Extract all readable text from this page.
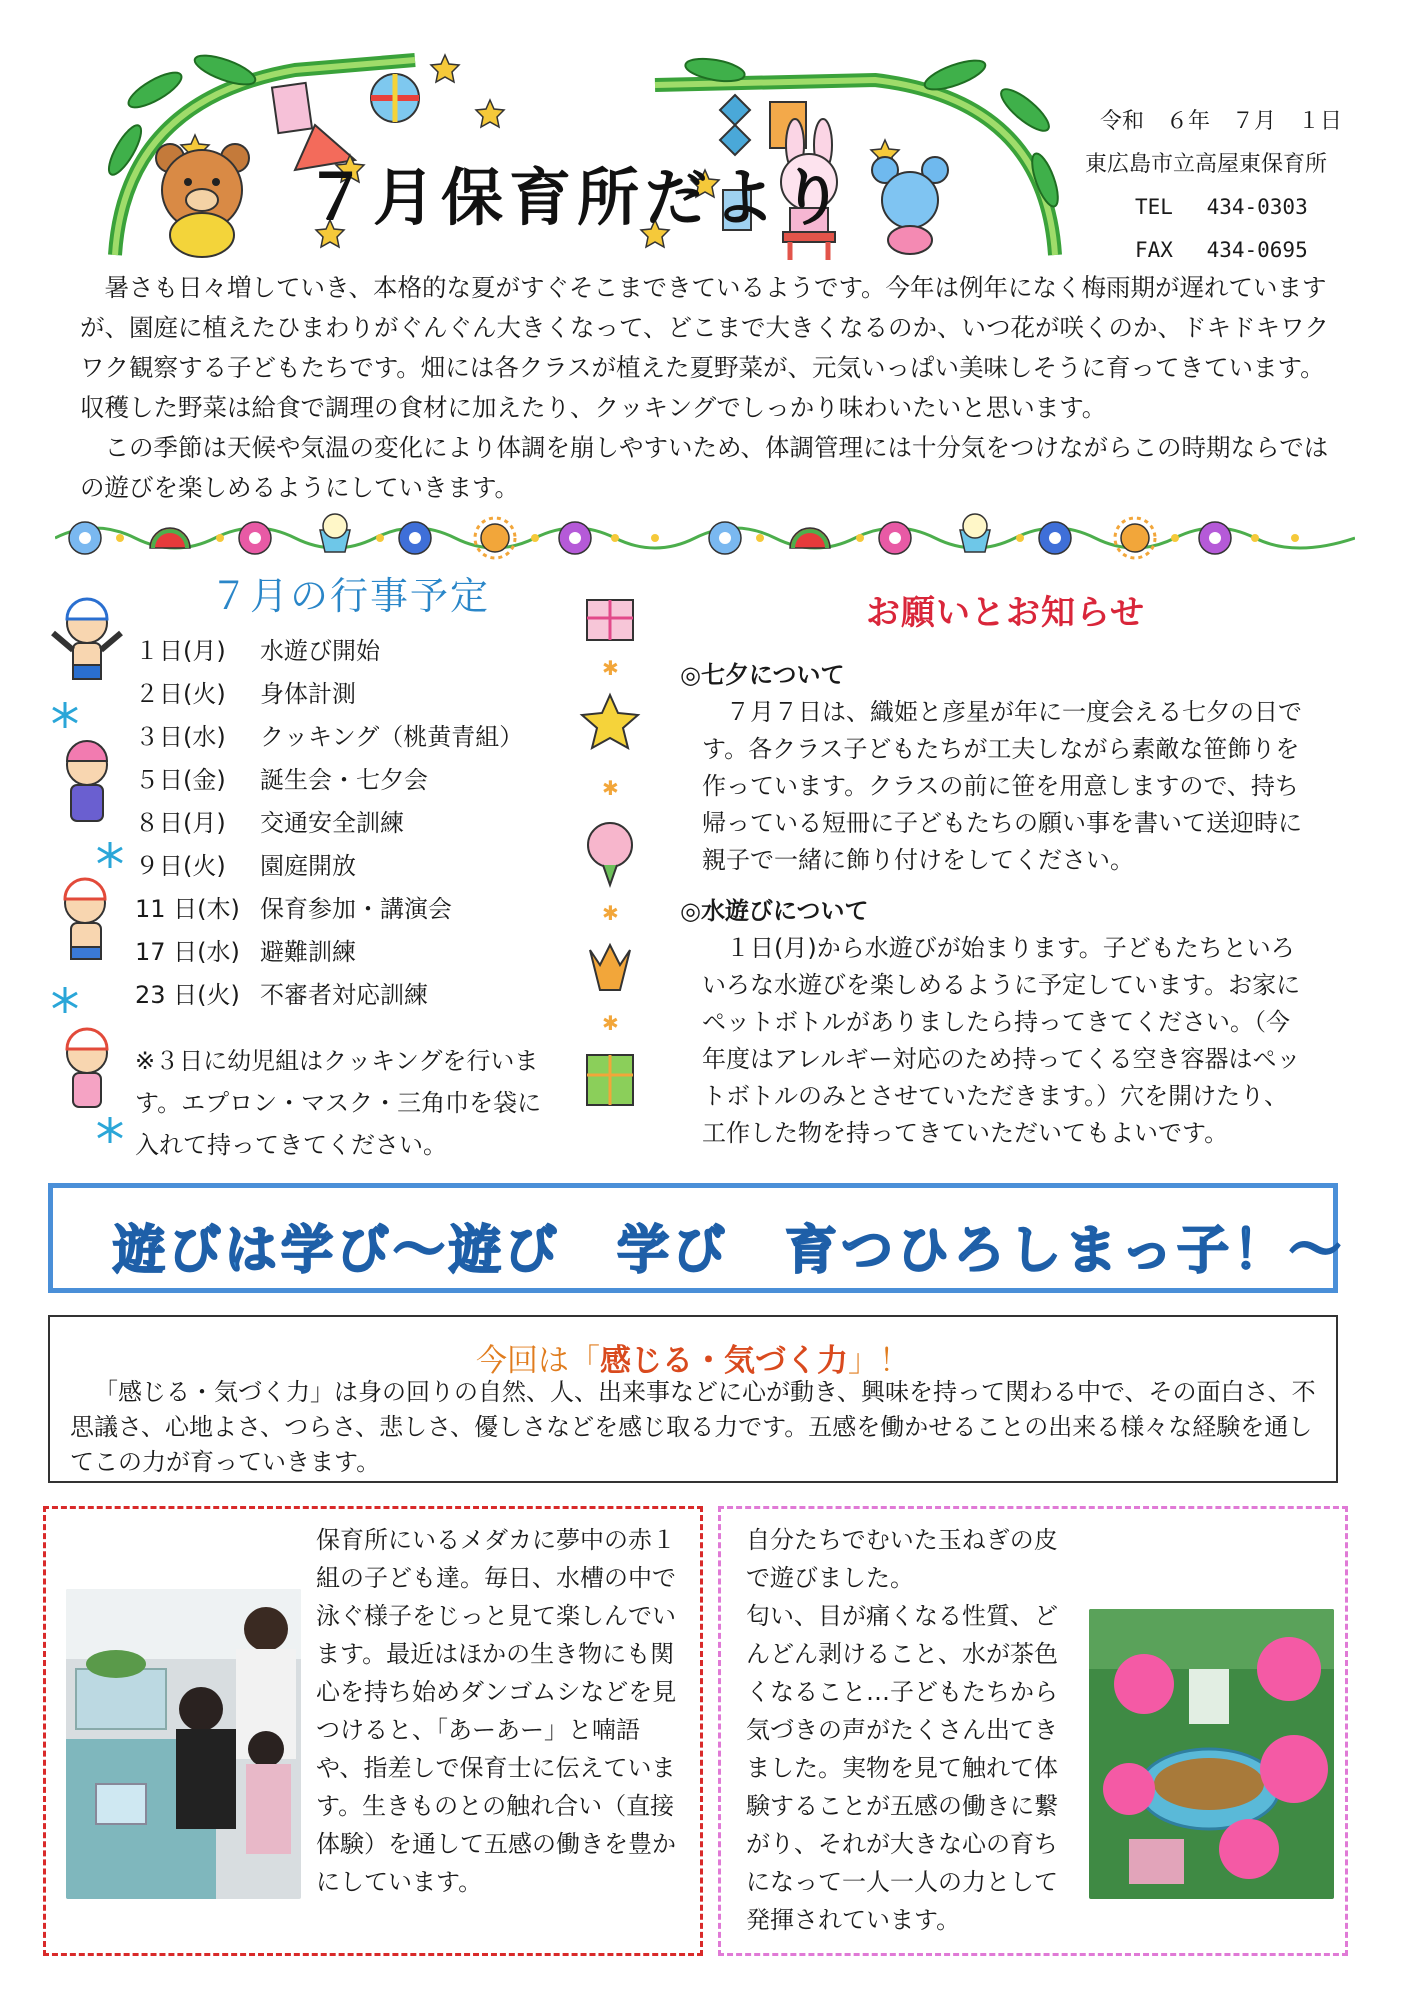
７月保育所だより
令和　６年　７月　１日
東広島市立高屋東保育所
TEL　 434-0303
FAX　 434-0695

暑さも日々増していき、本格的な夏がすぐそこまできているようです。今年は例年になく梅雨期が遅れていますが、園庭に植えたひまわりがぐんぐん大きくなって、どこまで大きくなるのか、いつ花が咲くのか、ドキドキワクワク観察する子どもたちです。畑には各クラスが植えた夏野菜が、元気いっぱい美味しそうに育ってきています。収穫した野菜は給食で調理の食材に加えたり、クッキングでしっかり味わいたいと思います。

この季節は天候や気温の変化により体調を崩しやすいため、体調管理には十分気をつけながらこの時期ならではの遊びを楽しめるようにしていきます。

７月の行事予定
１日(月) 水遊び開始
２日(火) 身体計測
３日(水) クッキング（桃黄青組）
５日(金) 誕生会・七夕会
８日(月) 交通安全訓練
９日(火) 園庭開放
11 日(木) 保育参加・講演会
17 日(水) 避難訓練
23 日(火) 不審者対応訓練
※３日に幼児組はクッキングを行います。エプロン・マスク・三角巾を袋に入れて持ってきてください。
✱
✱
✱
✱
お願いとお知らせ
◎七夕について
７月７日は、織姫と彦星が年に一度会える七夕の日です。各クラス子どもたちが工夫しながら素敵な笹飾りを作っています。クラスの前に笹を用意しますので、持ち帰っている短冊に子どもたちの願い事を書いて送迎時に親子で一緒に飾り付けをしてください。
◎水遊びについて
１日(月)から水遊びが始まります。子どもたちといろいろな水遊びを楽しめるように予定しています。お家にペットボトルがありましたら持ってきてください。（今年度はアレルギー対応のため持ってくる空き容器はペットボトルのみとさせていただきます。）穴を開けたり、工作した物を持ってきていただいてもよいです。
遊びは学び～遊び　学び　育つひろしまっ子！～
今回は「感じる・気づく力」！
「感じる・気づく力」は身の回りの自然、人、出来事などに心が動き、興味を持って関わる中で、その面白さ、不思議さ、心地よさ、つらさ、悲しさ、優しさなどを感じ取る力です。五感を働かせることの出来る様々な経験を通してこの力が育っていきます。
保育所にいるメダカに夢中の赤１組の子ども達。毎日、水槽の中で泳ぐ様子をじっと見て楽しんでいます。最近はほかの生き物にも関心を持ち始めダンゴムシなどを見つけると、「あーあー」と喃語や、指差しで保育士に伝えています。生きものとの触れ合い（直接体験）を通して五感の働きを豊かにしています。
自分たちでむいた玉ねぎの皮で遊びました。
匂い、目が痛くなる性質、どんどん剥けること、水が茶色くなること…子どもたちから気づきの声がたくさん出てきました。実物を見て触れて体験することが五感の働きに繋がり、それが大きな心の育ちになって一人一人の力として発揮されています。
